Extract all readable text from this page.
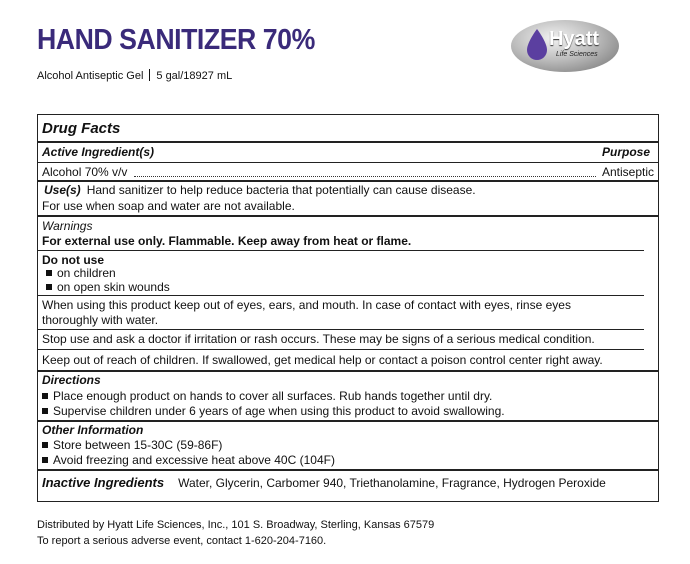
HAND SANITIZER 70%
Alcohol Antiseptic Gel 5 gal/18927 mL
Hyatt
Life Sciences
Drug Facts
Active Ingredient(s)	Purpose
Alcohol 70% v/v	Antiseptic
Use(s) Hand sanitizer to help reduce bacteria that potentially can cause disease.
For use when soap and water are not available.
Warnings
For external use only. Flammable. Keep away from heat or flame.
Do not use
on children
on open skin wounds
When using this product keep out of eyes, ears, and mouth. In case of contact with eyes, rinse eyes
thoroughly with water.
Stop use and ask a doctor if irritation or rash occurs. These may be signs of a serious medical condition.
Keep out of reach of children. If swallowed, get medical help or contact a poison control center right away.
Directions
Place enough product on hands to cover all surfaces. Rub hands together until dry.
Supervise children under 6 years of age when using this product to avoid swallowing.
Other Information
Store between 15-30C (59-86F)
Avoid freezing and excessive heat above 40C (104F)
Inactive Ingredients Water, Glycerin, Carbomer 940, Triethanolamine, Fragrance, Hydrogen Peroxide
Distributed by Hyatt Life Sciences, Inc., 101 S. Broadway, Sterling, Kansas 67579
To report a serious adverse event, contact 1-620-204-7160.
